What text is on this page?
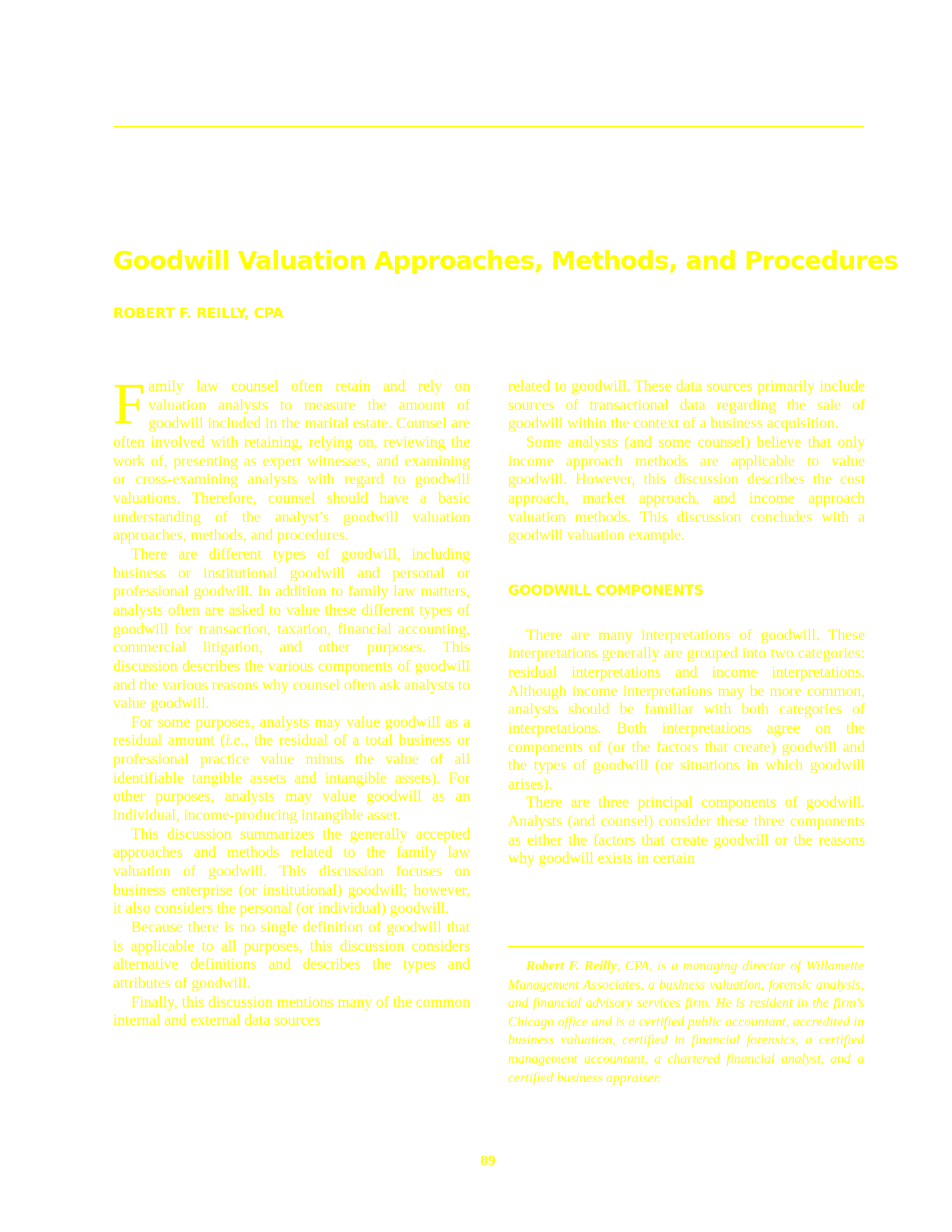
Goodwill Valuation Approaches, Methods, and Procedures
ROBERT F. REILLY, CPA

Family law counsel often retain and rely on valuation analysts to measure the amount of goodwill included in the marital estate. Counsel are often involved with retaining, relying on, reviewing the work of, presenting as expert witnesses, and examining or cross-examining analysts with regard to goodwill valuations. Therefore, counsel should have a basic understanding of the analyst’s goodwill valuation approaches, methods, and procedures.

There are different types of goodwill, including business or institutional goodwill and personal or professional goodwill. In addition to family law matters, analysts often are asked to value these different types of goodwill for transaction, taxation, financial accounting, commercial litigation, and other purposes. This discussion describes the various components of goodwill and the various reasons why counsel often ask analysts to value goodwill.

For some purposes, analysts may value goodwill as a residual amount (i.e., the residual of a total business or professional practice value minus the value of all identifiable tangible assets and intangible assets). For other purposes, analysts may value goodwill as an individual, income-producing intangible asset.

This discussion summarizes the generally accepted approaches and methods related to the family law valuation of goodwill. This discussion focuses on business enterprise (or institutional) goodwill; however, it also considers the personal (or individual) goodwill.

Because there is no single definition of goodwill that is applicable to all purposes, this discussion considers alternative definitions and describes the types and attributes of goodwill.

Finally, this discussion mentions many of the common internal and external data sources

related to goodwill. These data sources primarily include sources of transactional data regarding the sale of goodwill within the context of a business acquisition.

Some analysts (and some counsel) believe that only income approach methods are applicable to value goodwill. However, this discussion describes the cost approach, market approach, and income approach valuation methods. This discussion concludes with a goodwill valuation example.

GOODWILL COMPONENTS

There are many interpretations of goodwill. These interpretations generally are grouped into two categories: residual interpretations and income interpretations. Although income interpretations may be more common, analysts should be familiar with both categories of interpretations. Both interpretations agree on the components of (or the factors that create) goodwill and the types of goodwill (or situations in which goodwill arises).

There are three principal components of goodwill. Analysts (and counsel) consider these three components as either the factors that create goodwill or the reasons why goodwill exists in certain

Robert F. Reilly, CPA, is a managing director of Willamette Management Associates, a business valuation, forensic analysis, and financial advisory services firm. He is resident in the firm’s Chicago office and is a certified public accountant, accredited in business valuation, certified in financial forensics, a certified management accountant, a chartered financial analyst, and a certified business appraiser.

89
